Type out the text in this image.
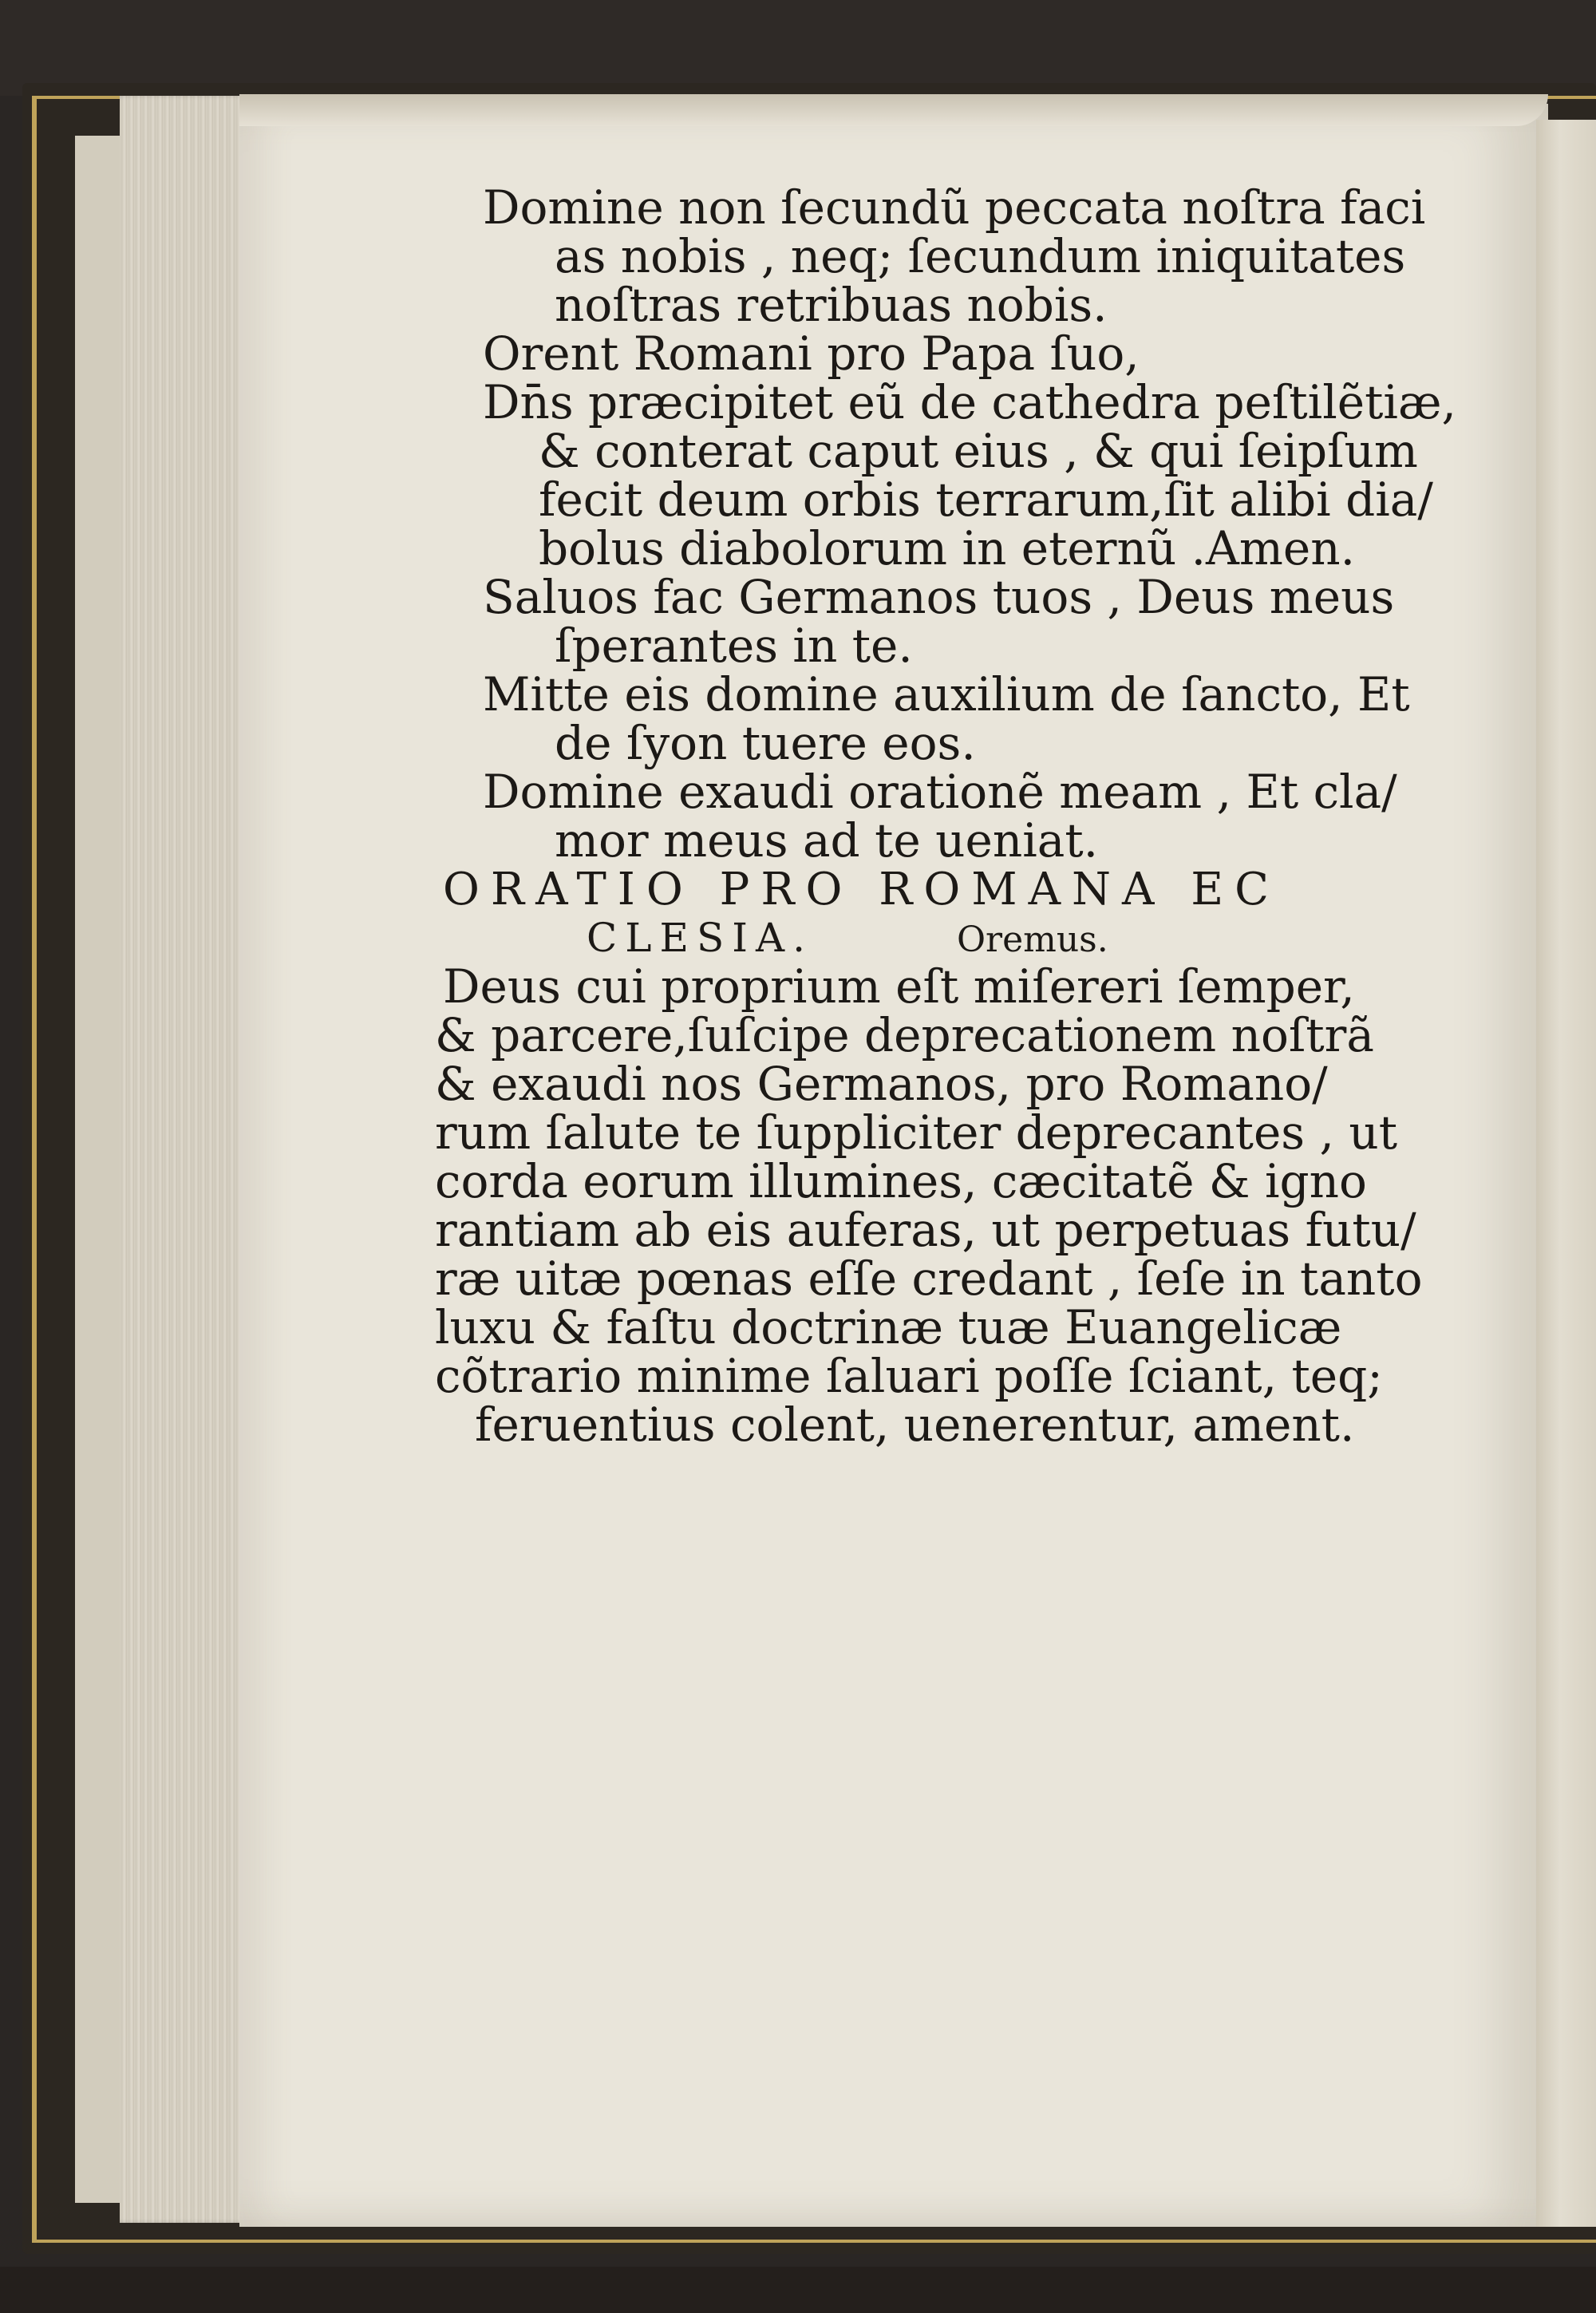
Domine non ſecundũ peccata noſtra faci
as nobis , neq; ſecundum iniquitates
noſtras retribuas nobis.
Orent Romani pro Papa ſuo,
Dn̄s præcipitet eũ de cathedra peſtilẽtiæ,
& conterat caput eius , & qui ſeipſum
fecit deum orbis terrarum,ſit alibi dia/
bolus diabolorum in eternũ .Amen.
Saluos fac Germanos tuos , Deus meus
ſperantes in te.
Mitte eis domine auxilium de ſancto, Et
de ſyon tuere eos.
Domine exaudi orationẽ meam , Et cla/
mor meus ad te ueniat.
ORATIO PRO ROMANA EC
CLESIA.	Oremus.
Deus cui proprium eſt miſereri ſemper,
& parcere,ſuſcipe deprecationem noſtrã
& exaudi nos Germanos, pro Romano/
rum ſalute te ſuppliciter deprecantes , ut
corda eorum illumines, cæcitatẽ & igno
rantiam ab eis auferas, ut perpetuas futu/
ræ uitæ pœnas eſſe credant , ſeſe in tanto
luxu & faſtu doctrinæ tuæ Euangelicæ
cõtrario minime ſaluari poſſe ſciant, teq;
feruentius colent, uenerentur, ament.
